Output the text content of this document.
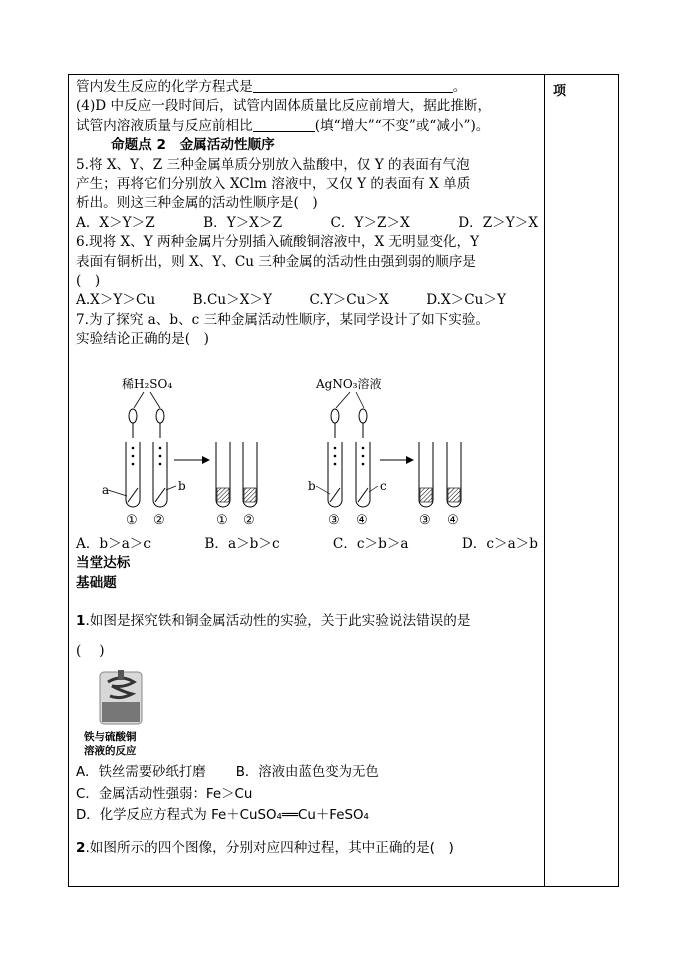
项
管内发生反应的化学方程式是	。
(4)D 中反应一段时间后，试管内固体质量比反应前增大，据此推断，
试管内溶液质量与反应前相比	(填“增大”“不变”或“减小”)。
命题点 2　金属活动性顺序
5.将 X、Y、Z 三种金属单质分别放入盐酸中，仅 Y 的表面有气泡
产生；再将它们分别放入 XClm 溶液中，又仅 Y 的表面有 X 单质
析出。则这三种金属的活动性顺序是(　)
A．X＞Y＞Z	B．Y＞X＞Z	C．Y＞Z＞X	D．Z＞Y＞X
6.现将 X、Y 两种金属片分别插入硫酸铜溶液中，X 无明显变化，Y
表面有铜析出，则 X、Y、Cu 三种金属的活动性由强到弱的顺序是
(　)
A.X＞Y＞Cu	B.Cu＞X＞Y	C.Y＞Cu＞X	D.X＞Cu＞Y
7.为了探究 a、b、c 三种金属活动性顺序，某同学设计了如下实验。
实验结论正确的是(　)
稀H₂SO₄
a	b
① ②	① ②
AgNO₃溶液
b	c
③ ④	③ ④
A．b＞a＞c	B．a＞b＞c	C．c＞b＞a	D．c＞a＞b
当堂达标
基础题
1.如图是探究铁和铜金属活动性的实验，关于此实验说法错误的是
(　 )
铁与硫酸铜
溶液的反应
A．铁丝需要砂纸打磨 B．溶液由蓝色变为无色
C．金属活动性强弱：Fe＞Cu
D．化学反应方程式为 Fe＋CuSO₄══Cu＋FeSO₄
2.如图所示的四个图像，分别对应四种过程，其中正确的是(　)
